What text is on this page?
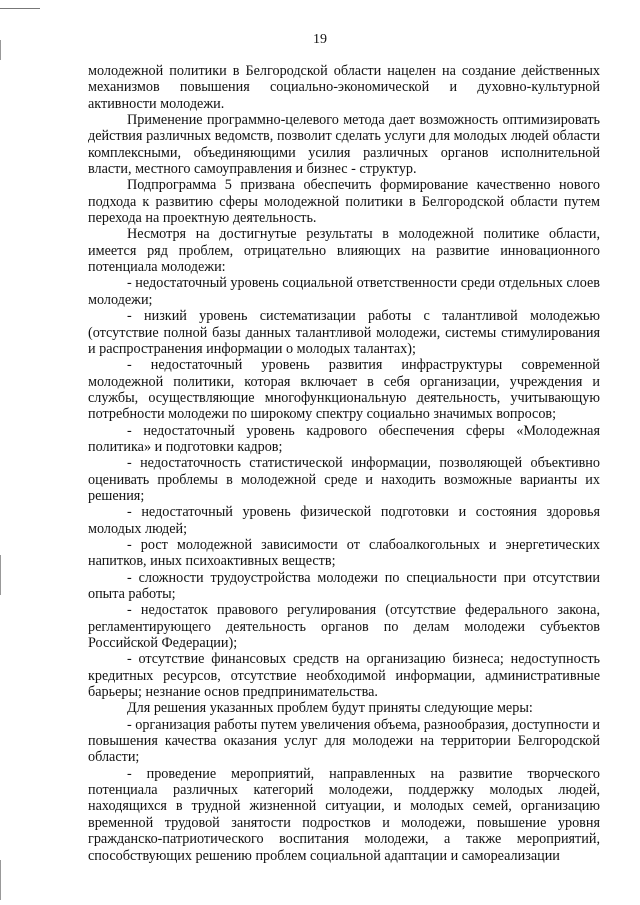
19

молодежной политики в Белгородской области нацелен на создание действенных механизмов повышения социально-экономической и духовно-культурной активности молодежи.

Применение программно-целевого метода дает возможность оптимизировать действия различных ведомств, позволит сделать услуги для молодых людей области комплексными, объединяющими усилия различных органов исполнительной власти, местного самоуправления и бизнес - структур.

Подпрограмма 5 призвана обеспечить формирование качественно нового подхода к развитию сферы молодежной политики в Белгородской области путем перехода на проектную деятельность.

Несмотря на достигнутые результаты в молодежной политике области, имеется ряд проблем, отрицательно влияющих на развитие инновационного потенциала молодежи:

- недостаточный уровень социальной ответственности среди отдельных слоев молодежи;

- низкий уровень систематизации работы с талантливой молодежью (отсутствие полной базы данных талантливой молодежи, системы стимулирования и распространения информации о молодых талантах);

- недостаточный уровень развития инфраструктуры современной молодежной политики, которая включает в себя организации, учреждения и службы, осуществляющие многофункциональную деятельность, учитывающую потребности молодежи по широкому спектру социально значимых вопросов;

- недостаточный уровень кадрового обеспечения сферы «Молодежная политика» и подготовки кадров;

- недостаточность статистической информации, позволяющей объективно оценивать проблемы в молодежной среде и находить возможные варианты их решения;

- недостаточный уровень физической подготовки и состояния здоровья молодых людей;

- рост молодежной зависимости от слабоалкогольных и энергетических напитков, иных психоактивных веществ;

- сложности трудоустройства молодежи по специальности при отсутствии опыта работы;

- недостаток правового регулирования (отсутствие федерального закона, регламентирующего деятельность органов по делам молодежи субъектов Российской Федерации);

- отсутствие финансовых средств на организацию бизнеса; недоступность кредитных ресурсов, отсутствие необходимой информации, административные барьеры; незнание основ предпринимательства.

Для решения указанных проблем будут приняты следующие меры:

- организация работы путем увеличения объема, разнообразия, доступности и повышения качества оказания услуг для молодежи на территории Белгородской области;

- проведение мероприятий, направленных на развитие творческого потенциала различных категорий молодежи, поддержку молодых людей, находящихся в трудной жизненной ситуации, и молодых семей, организацию временной трудовой занятости подростков и молодежи, повышение уровня гражданско-патриотического воспитания молодежи, а также мероприятий, способствующих решению проблем социальной адаптации и самореализации
